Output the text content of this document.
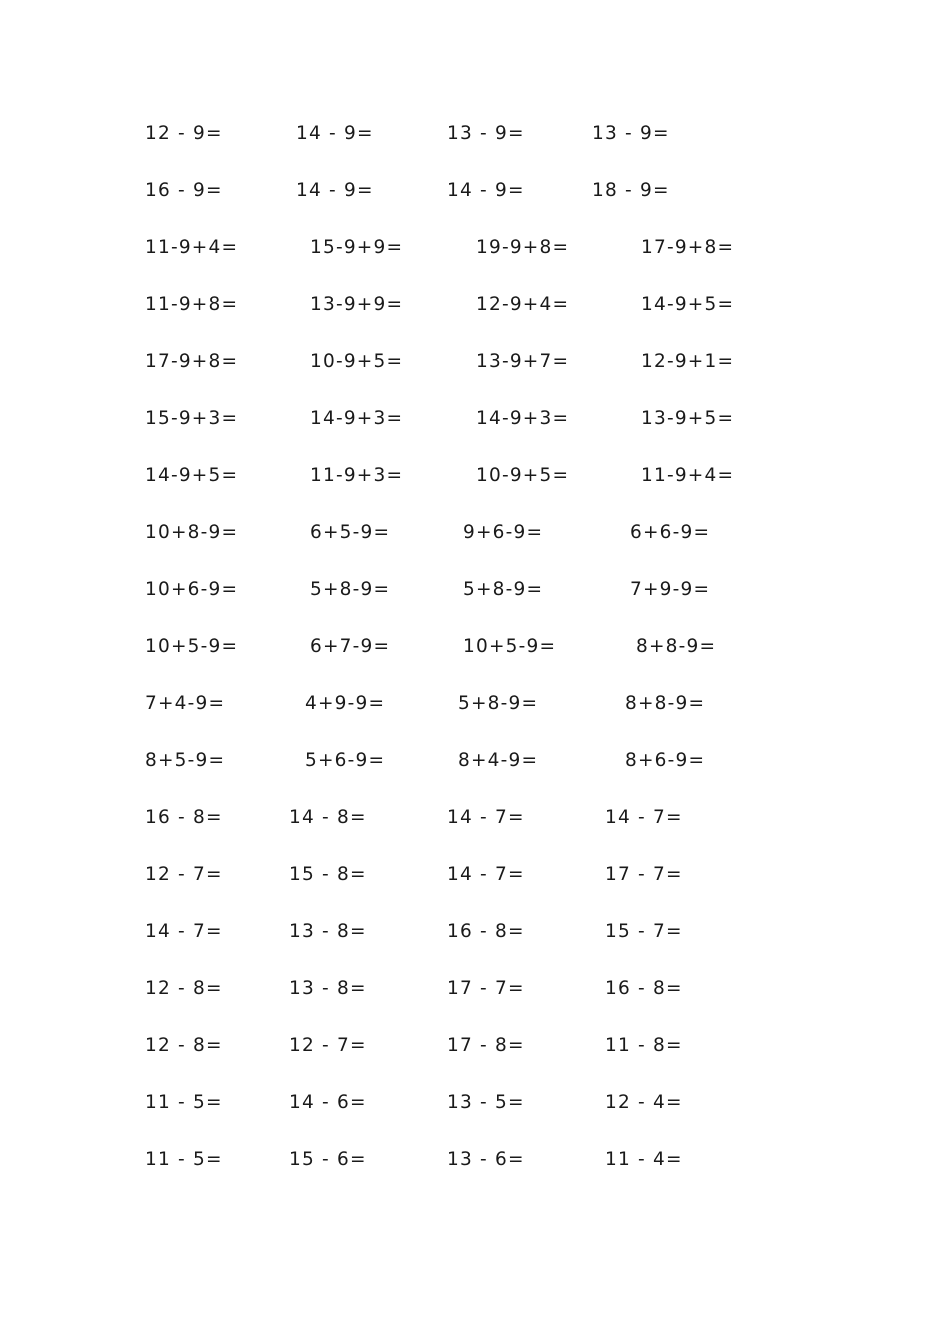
12 - 9=	14 - 9=	13 - 9=	13 - 9=
16 - 9=	14 - 9=	14 - 9=	18 - 9=
11-9+4=	15-9+9=	19-9+8=	17-9+8=
11-9+8=	13-9+9=	12-9+4=	14-9+5=
17-9+8=	10-9+5=	13-9+7=	12-9+1=
15-9+3=	14-9+3=	14-9+3=	13-9+5=
14-9+5=	11-9+3=	10-9+5=	11-9+4=
10+8-9=	6+5-9=	9+6-9=	6+6-9=
10+6-9=	5+8-9=	5+8-9=	7+9-9=
10+5-9=	6+7-9=	10+5-9=	8+8-9=
7+4-9=	4+9-9=	5+8-9=	8+8-9=
8+5-9=	5+6-9=	8+4-9=	8+6-9=
16 - 8=	14 - 8=	14 - 7=	14 - 7=
12 - 7=	15 - 8=	14 - 7=	17 - 7=
14 - 7=	13 - 8=	16 - 8=	15 - 7=
12 - 8=	13 - 8=	17 - 7=	16 - 8=
12 - 8=	12 - 7=	17 - 8=	11 - 8=
11 - 5=	14 - 6=	13 - 5=	12 - 4=
11 - 5=	15 - 6=	13 - 6=	11 - 4=
